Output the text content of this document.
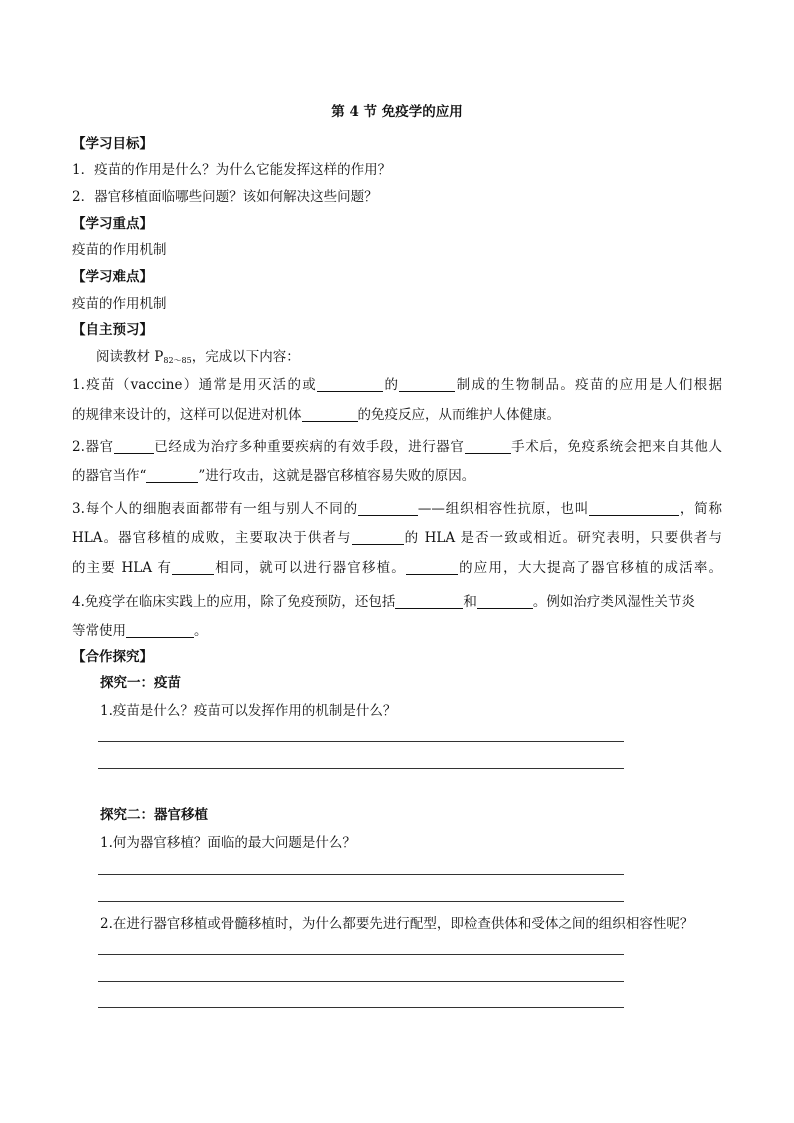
第 4 节 免疫学的应用
【学习目标】
1．疫苗的作用是什么？为什么它能发挥这样的作用？
2．器官移植面临哪些问题？该如何解决这些问题？
【学习重点】
疫苗的作用机制
【学习难点】
疫苗的作用机制
【自主预习】
阅读教材 $P_{82\sim 85}$，完成以下内容：
1.疫苗（vaccine）通常是用灭活的或	的	制成的生物制品。疫苗的应用是人们根据
的规律来设计的，这样可以促进对机体	的免疫反应，从而维护人体健康。
2.器官	已经成为治疗多种重要疾病的有效手段，进行器官	手术后，免疫系统会把来自其他人
的器官当作“	”进行攻击，这就是器官移植容易失败的原因。
3.每个人的细胞表面都带有一组与别人不同的	——组织相容性抗原，也叫	，简称
HLA。器官移植的成败，主要取决于供者与	的 HLA 是否一致或相近。研究表明，只要供者与
的主要 HLA 有	相同，就可以进行器官移植。	的应用，大大提高了器官移植的成活率。
4.免疫学在临床实践上的应用，除了免疫预防，还包括	和	。例如治疗类风湿性关节炎
等常使用	。
【合作探究】
探究一：疫苗
1.疫苗是什么？疫苗可以发挥作用的机制是什么？
探究二：器官移植
1.何为器官移植？面临的最大问题是什么？
2.在进行器官移植或骨髓移植时，为什么都要先进行配型，即检查供体和受体之间的组织相容性呢？
